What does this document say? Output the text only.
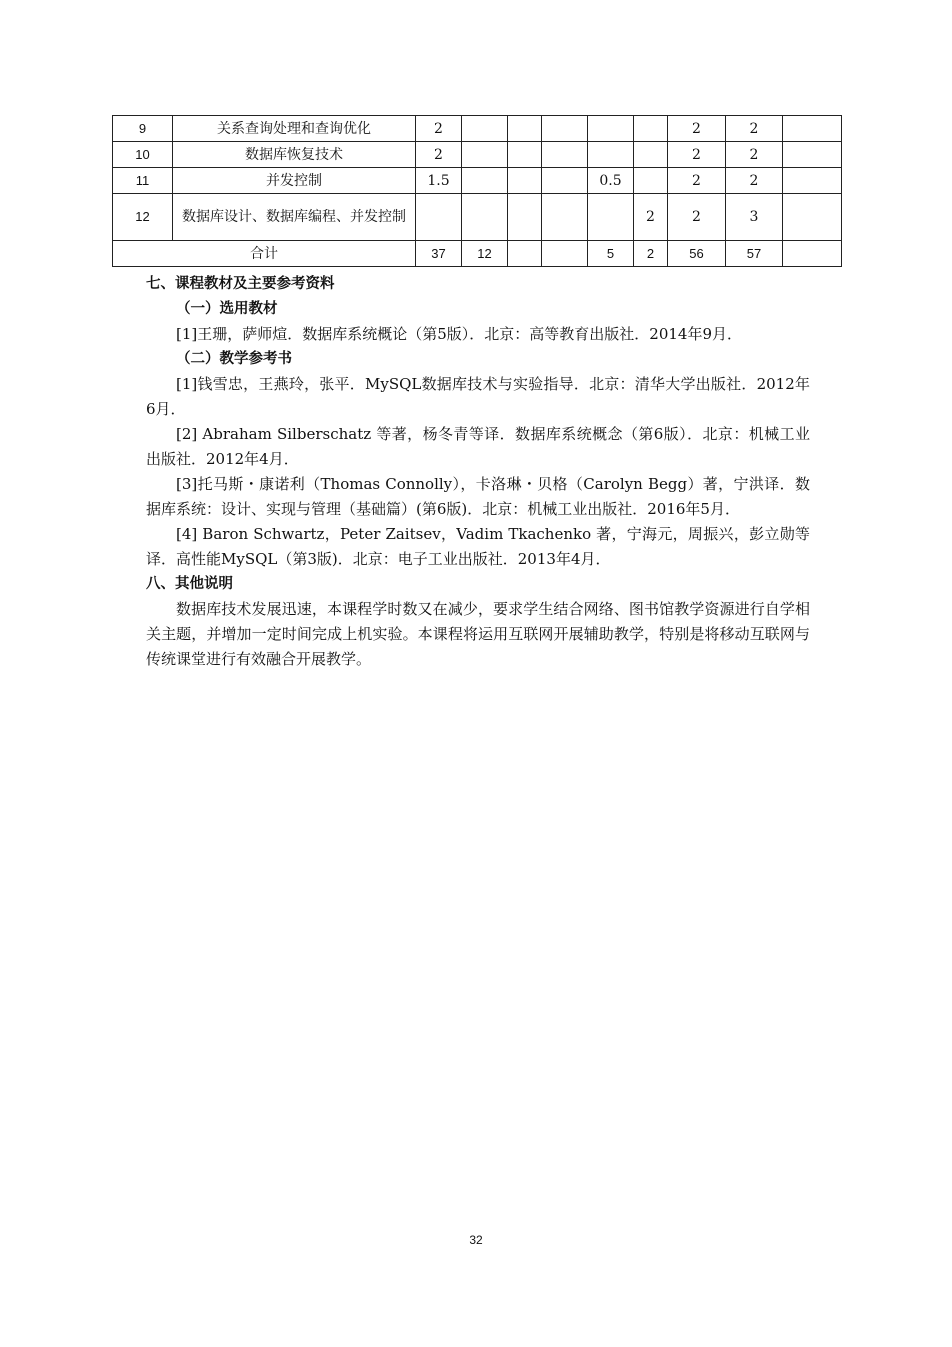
9	关系查询处理和查询优化	2						2	2	
10	数据库恢复技术	2						2	2	
11	并发控制	1.5				0.5		2	2	
12	数据库设计、数据库编程、并发控制						2	2	3	
合计		37	12			5	2	56	57	

七、课程教材及主要参考资料

（一）选用教材

[1]王珊，萨师煊．数据库系统概论（第5版）．北京：高等教育出版社．2014年9月．

（二）教学参考书

[1]钱雪忠，王燕玲，张平．MySQL数据库技术与实验指导．北京：清华大学出版社．2012年6月．

[2] Abraham Silberschatz 等著，杨冬青等译．数据库系统概念（第6版）．北京：机械工业出版社．2012年4月．

[3]托马斯・康诺利（Thomas Connolly），卡洛琳・贝格（Carolyn Begg）著，宁洪译．数据库系统：设计、实现与管理（基础篇）(第6版)．北京：机械工业出版社．2016年5月．

[4] Baron Schwartz，Peter Zaitsev，Vadim Tkachenko 著，宁海元，周振兴，彭立勋等译．高性能MySQL（第3版)．北京：电子工业出版社．2013年4月．

八、其他说明

数据库技术发展迅速，本课程学时数又在减少，要求学生结合网络、图书馆教学资源进行自学相关主题，并增加一定时间完成上机实验。本课程将运用互联网开展辅助教学，特别是将移动互联网与传统课堂进行有效融合开展教学。

32
